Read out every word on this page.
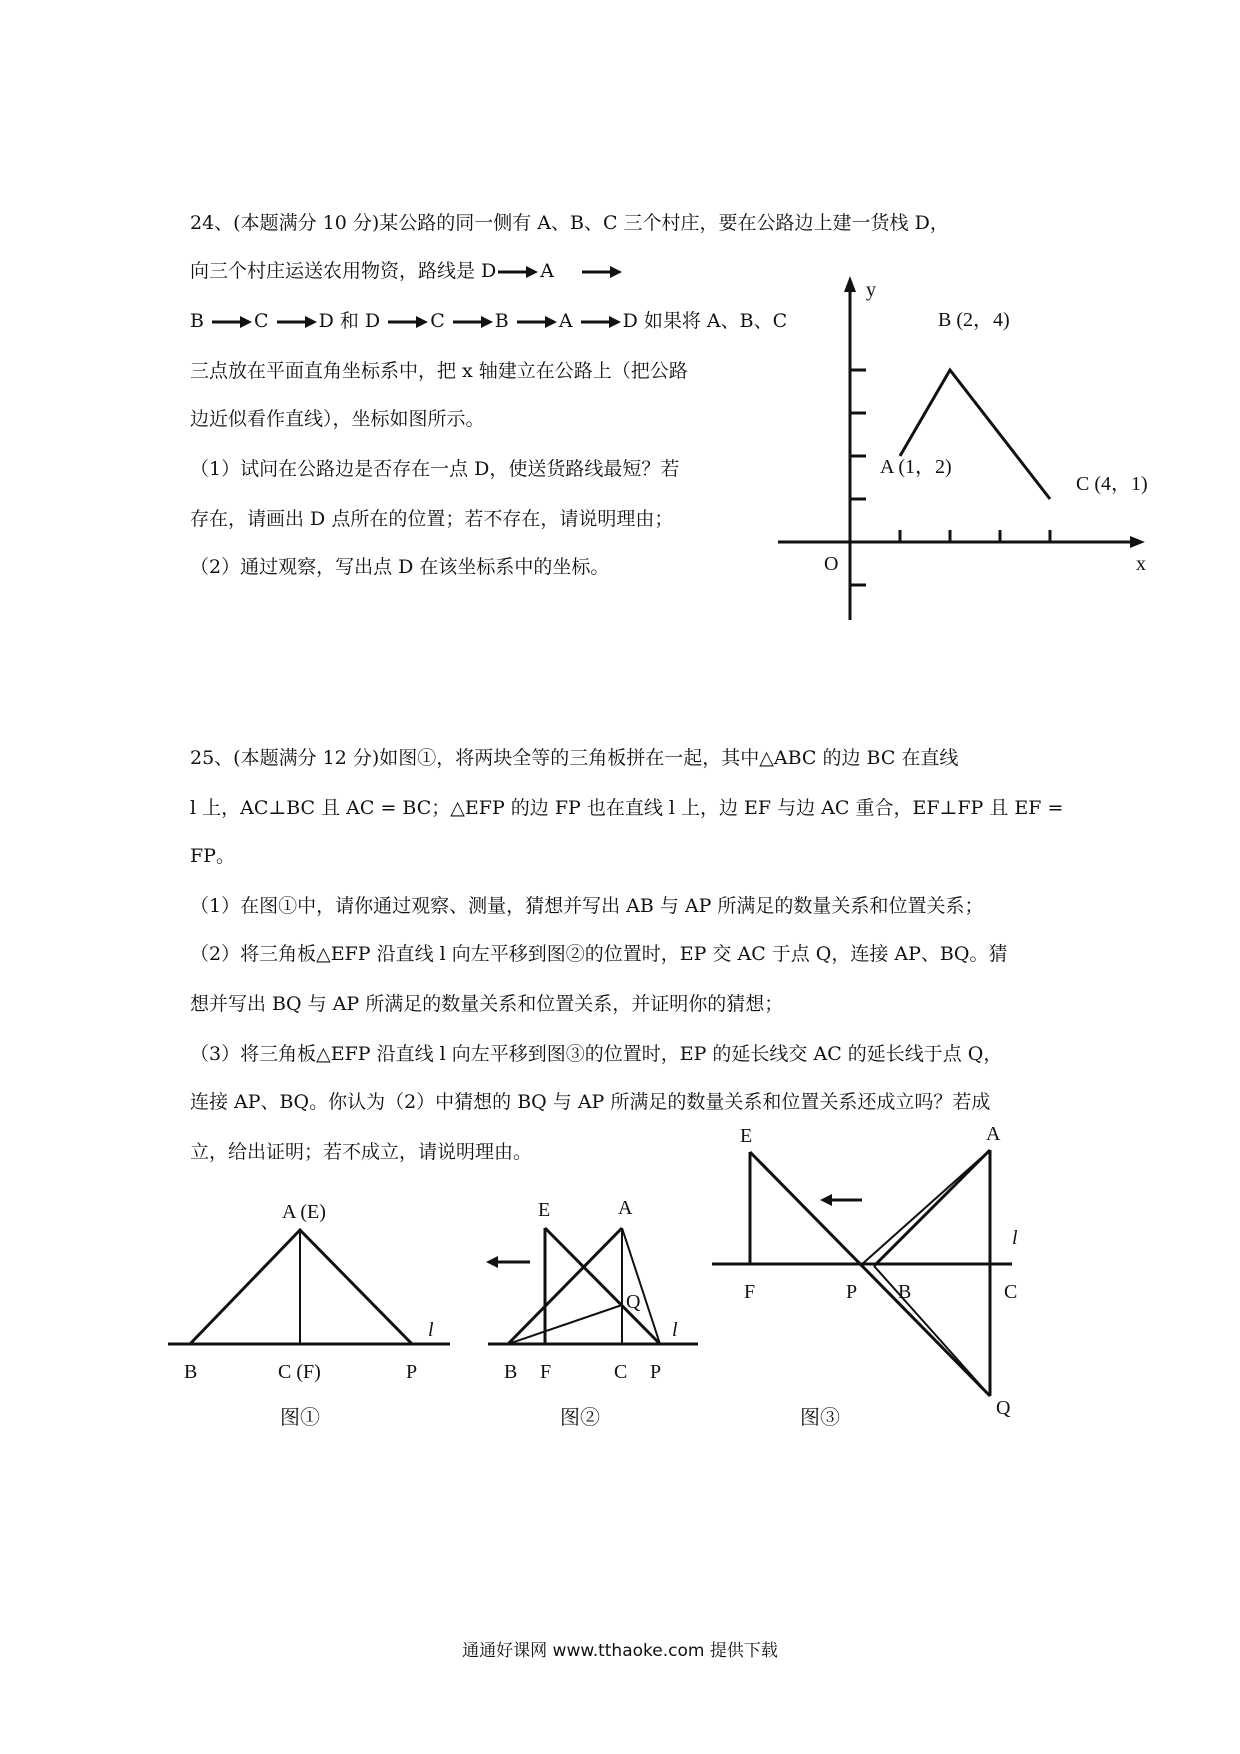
24、(本题满分 10 分)某公路的同一侧有 A、B、C 三个村庄，要在公路边上建一货栈 D，
向三个村庄运送农用物资，路线是 D A
B	C	D 和 D	C	B	A	D 如果将 A、B、C
三点放在平面直角坐标系中，把 x 轴建立在公路上（把公路
边近似看作直线），坐标如图所示。
（1）试问在公路边是否存在一点 D，使送货路线最短？若
存在，请画出 D 点所在的位置；若不存在，请说明理由；
（2）通过观察，写出点 D 在该坐标系中的坐标。
y
x
O
A (1，2)
B (2，4)
C (4，1)
25、(本题满分 12 分)如图①，将两块全等的三角板拼在一起，其中△ABC 的边 BC 在直线
l 上，AC⊥BC 且 AC = BC；△EFP 的边 FP 也在直线 l 上，边 EF 与边 AC 重合，EF⊥FP 且 EF =
FP。
（1）在图①中，请你通过观察、测量，猜想并写出 AB 与 AP 所满足的数量关系和位置关系；
（2）将三角板△EFP 沿直线 l 向左平移到图②的位置时，EP 交 AC 于点 Q，连接 AP、BQ。猜
想并写出 BQ 与 AP 所满足的数量关系和位置关系，并证明你的猜想；
（3）将三角板△EFP 沿直线 l 向左平移到图③的位置时，EP 的延长线交 AC 的延长线于点 Q，
连接 AP、BQ。你认为（2）中猜想的 BQ 与 AP 所满足的数量关系和位置关系还成立吗？若成
立，给出证明；若不成立，请说明理由。
A (E)
B	C (F)	P
l
图①
E	A
Q
B F	C P
l
图②
E	A
F	P B	C
Q
l
图③
通通好课网 www.tthaoke.com 提供下载
